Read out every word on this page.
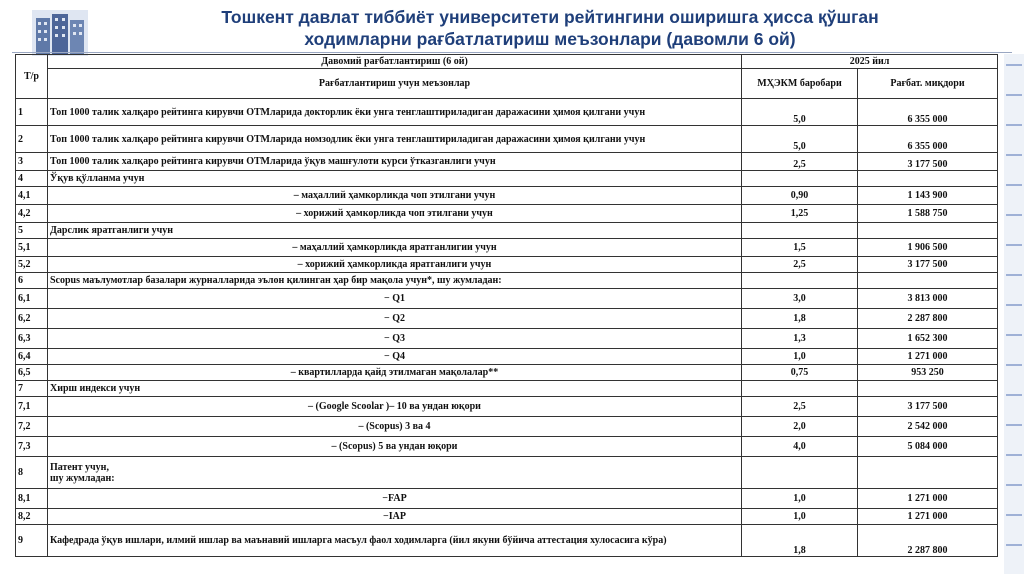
Тошкент давлат тиббиёт университети рейтингини оширишга ҳисса қўшган
ходимларни рағбатлатириш меъзонлари (давомли 6 ой)
Т/р	Давомий рағбатлантириш (6 ой)	2025 йил	
	Рағбатлантириш учун меъзонлар	МҲЭКМ баробари	Рағбат. миқдори
1	Топ 1000 талик халқаро рейтинга кирувчи ОТМларида докторлик ёки унга тенглаштириладиган даражасини ҳимоя қилгани учун	5,0	6 355 000
2	Топ 1000 талик халқаро рейтинга кирувчи ОТМларида номзодлик ёки унга тенглаштириладиган даражасини ҳимоя қилгани учун	5,0	6 355 000
3	Топ 1000 талик халқаро рейтинга кирувчи ОТМларида ўқув машғулоти курси ўтказганлиги учун	2,5	3 177 500
4	Ўқув қўлланма учун		
4,1	– маҳаллий ҳамкорликда чоп этилгани учун	0,90	1 143 900
4,2	– хорижий ҳамкорликда чоп этилгани учун	1,25	1 588 750
5	Дарслик яратганлиги учун		
5,1	– маҳаллий ҳамкорликда яратганлигии учун	1,5	1 906 500
5,2	– хорижий ҳамкорликда яратганлиги учун	2,5	3 177 500
6	Scopus маълумотлар базалари журналларида эълон қилинган ҳар бир мақола учун*, шу жумладан:		
6,1	− Q1	3,0	3 813 000
6,2	− Q2	1,8	2 287 800
6,3	− Q3	1,3	1 652 300
6,4	− Q4	1,0	1 271 000
6,5	– квартилларда қайд этилмаган мақолалар**	0,75	953 250
7	Хирш индекси учун		
7,1	– (Google Scoolar )– 10 ва ундан юқори	2,5	3 177 500
7,2	– (Scopus) 3 ва 4	2,0	2 542 000
7,3	– (Scopus) 5 ва ундан юқори	4,0	5 084 000
8	Патент учун,
шу жумладан:		
8,1	−FAP	1,0	1 271 000
8,2	−IAP	1,0	1 271 000
9	Кафедрада ўқув ишлари, илмий ишлар ва маънавий ишларга масъул фаол ходимларга (йил якуни бўйича аттестация хулосасига кўра)	1,8	2 287 800
